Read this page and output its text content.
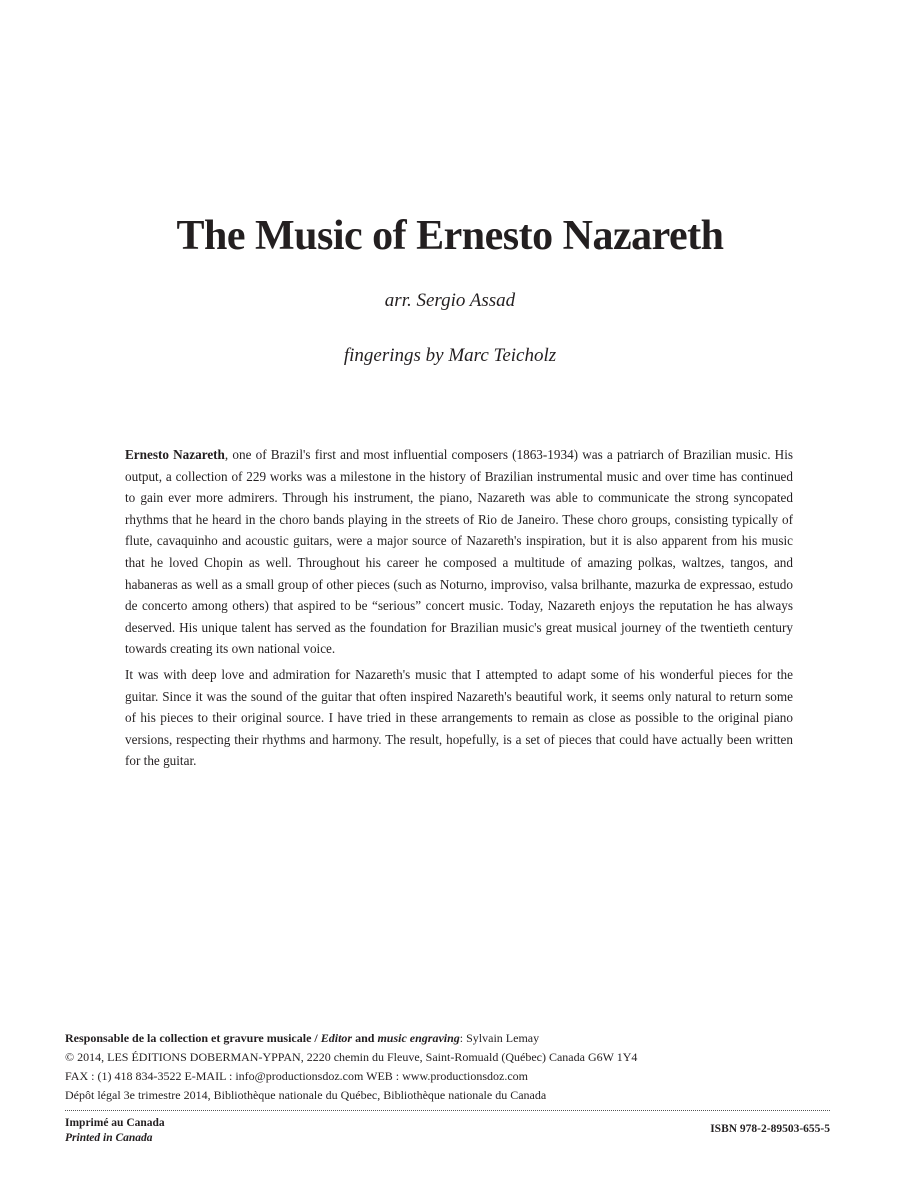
The Music of Ernesto Nazareth

arr. Sergio Assad

fingerings by Marc Teicholz

Ernesto Nazareth, one of Brazil's first and most influential composers (1863-1934) was a patriarch of Brazilian music. His output, a collection of 229 works was a milestone in the history of Brazilian instrumental music and over time has continued to gain ever more admirers. Through his instrument, the piano, Nazareth was able to communicate the strong syncopated rhythms that he heard in the choro bands playing in the streets of Rio de Janeiro. These choro groups, consisting typically of flute, cavaquinho and acoustic guitars, were a major source of Nazareth's inspiration, but it is also apparent from his music that he loved Chopin as well. Throughout his career he composed a multitude of amazing polkas, waltzes, tangos, and habaneras as well as a small group of other pieces (such as Noturno, improviso, valsa brilhante, mazurka de expressao, estudo de concerto among others) that aspired to be “serious” concert music. Today, Nazareth enjoys the reputation he has always deserved. His unique talent has served as the foundation for Brazilian music's great musical journey of the twentieth century towards creating its own national voice.

It was with deep love and admiration for Nazareth's music that I attempted to adapt some of his wonderful pieces for the guitar. Since it was the sound of the guitar that often inspired Nazareth's beautiful work, it seems only natural to return some of his pieces to their original source. I have tried in these arrangements to remain as close as possible to the original piano versions, respecting their rhythms and harmony. The result, hopefully, is a set of pieces that could have actually been written for the guitar.

Responsable de la collection et gravure musicale / Editor and music engraving: Sylvain Lemay
© 2014, LES ÉDITIONS DOBERMAN-YPPAN, 2220 chemin du Fleuve, Saint-Romuald (Québec) Canada G6W 1Y4
FAX : (1) 418 834-3522 E-MAIL : info@productionsdoz.com WEB : www.productionsdoz.com
Dépôt légal 3e trimestre 2014, Bibliothèque nationale du Québec, Bibliothèque nationale du Canada
Imprimé au Canada
Printed in Canada
ISBN 978-2-89503-655-5
